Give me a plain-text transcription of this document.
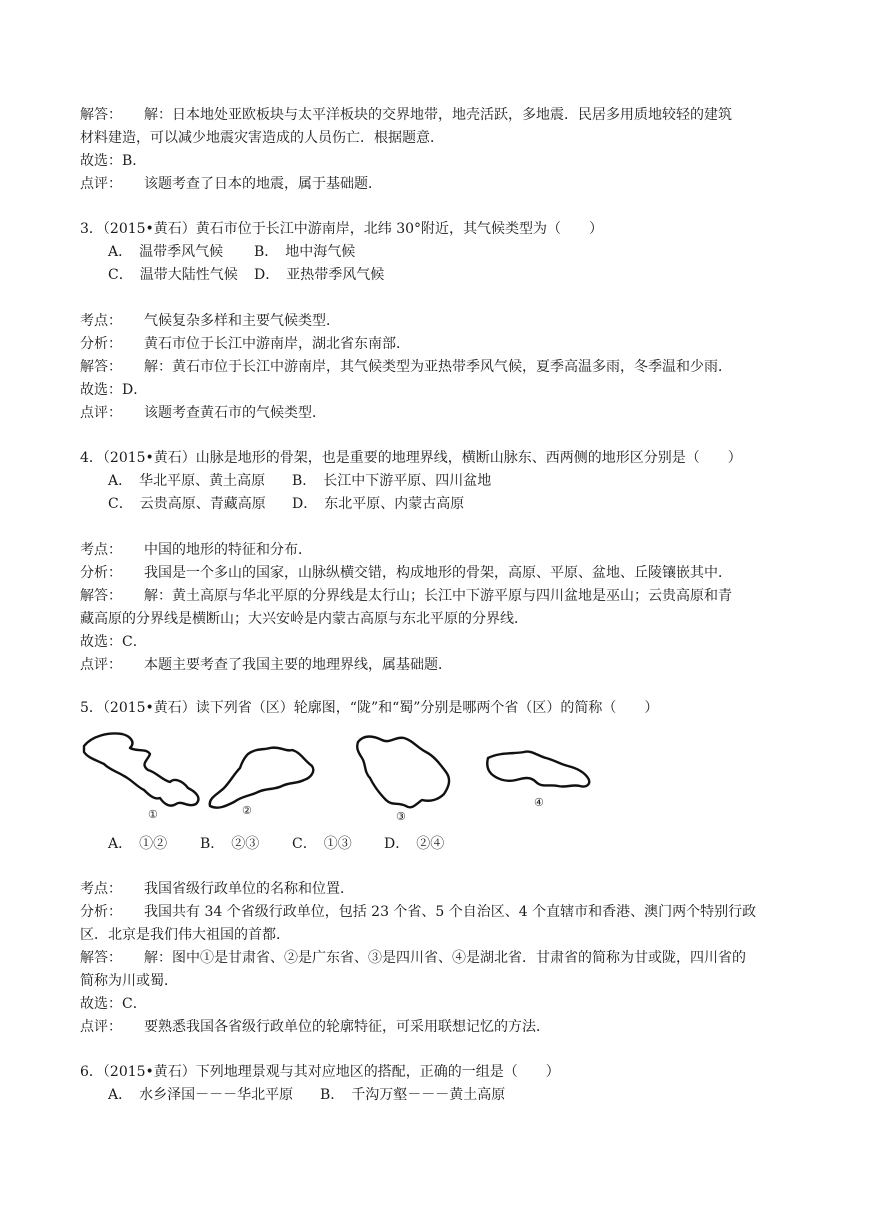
解答： 解：日本地处亚欧板块与太平洋板块的交界地带，地壳活跃，多地震．民居多用质地较轻的建筑
材料建造，可以减少地震灾害造成的人员伤亡．根据题意．
故选：B．
点评： 该题考查了日本的地震，属于基础题．
3．（2015•黄石）黄石市位于长江中游南岸，北纬 30°附近，其气候类型为（　　）
A．　温带季风气候 B．　地中海气候
C．　温带大陆性气候 D．　亚热带季风气候
考点： 气候复杂多样和主要气候类型．
分析： 黄石市位于长江中游南岸，湖北省东南部．
解答： 解：黄石市位于长江中游南岸，其气候类型为亚热带季风气候，夏季高温多雨，冬季温和少雨．
故选：D．
点评： 该题考查黄石市的气候类型．
4．（2015•黄石）山脉是地形的骨架，也是重要的地理界线，横断山脉东、西两侧的地形区分别是（　　）
A．　华北平原、黄土高原 B．　长江中下游平原、四川盆地
C．　云贵高原、青藏高原 D．　东北平原、内蒙古高原
考点： 中国的地形的特征和分布．
分析： 我国是一个多山的国家，山脉纵横交错，构成地形的骨架，高原、平原、盆地、丘陵镶嵌其中．
解答： 解：黄土高原与华北平原的分界线是太行山；长江中下游平原与四川盆地是巫山；云贵高原和青
藏高原的分界线是横断山；大兴安岭是内蒙古高原与东北平原的分界线．
故选：C．
点评： 本题主要考查了我国主要的地理界线，属基础题．
5．（2015•黄石）读下列省（区）轮廓图，“陇”和“蜀”分别是哪两个省（区）的简称（　　）
①	②	③
④
A．　①② B．　②③ C．　①③ D．　②④
考点： 我国省级行政单位的名称和位置．
分析： 我国共有 34 个省级行政单位，包括 23 个省、5 个自治区、4 个直辖市和香港、澳门两个特别行政
区．北京是我们伟大祖国的首都．
解答： 解：图中①是甘肃省、②是广东省、③是四川省、④是湖北省．甘肃省的简称为甘或陇，四川省的
简称为川或蜀．
故选：C．
点评： 要熟悉我国各省级行政单位的轮廓特征，可采用联想记忆的方法．
6．（2015•黄石）下列地理景观与其对应地区的搭配，正确的一组是（　　）
A．　水乡泽国－－－华北平原 B．　千沟万壑－－－黄土高原
